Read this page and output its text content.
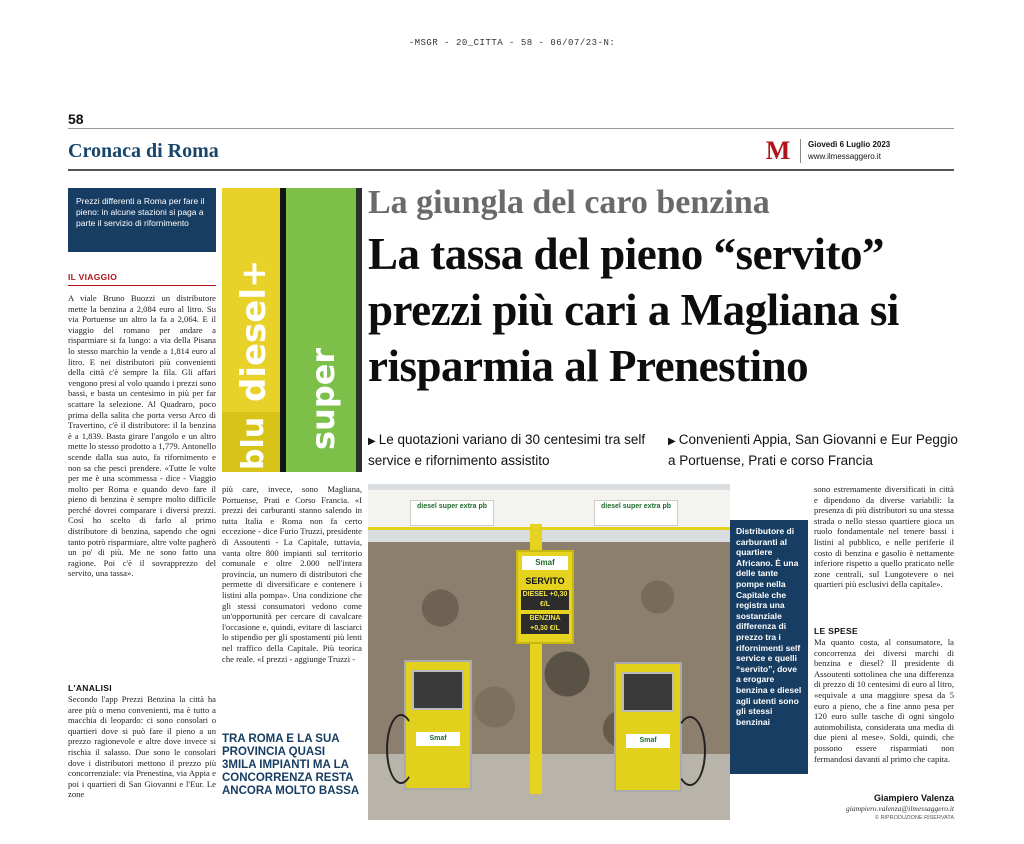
-MSGR - 20_CITTA - 58 - 06/07/23-N:
58
Cronaca di Roma	M Giovedì 6 Luglio 2023
www.ilmessaggero.it
Prezzi differenti a Roma per fare il pieno: in alcune stazioni si paga a parte il servizio di rifornimento
IL VIAGGIO
A viale Bruno Buozzi un distributore mette la benzina a 2,084 euro al litro. Su via Portuense un altro la fa a 2,064. E il viaggio del romano per andare a risparmiare si fa lungo: a via della Pisana lo stesso marchio la vende a 1,814 euro al litro. E nei distributori più convenienti della città c'è sempre la fila. Gli affari vengono presi al volo quando i prezzi sono bassi, e basta un centesimo in più per far scattare la selezione. Al Quadraro, poco prima della salita che porta verso Arco di Travertino, c'è il distributore: il la benzina è a 1,839. Basta girare l'angolo e un altro mette lo stesso prodotto a 1,779. Antonello scende dalla sua auto, fa rifornimento e non sa che pesci prendere. «Tutte le volte per me è una scommessa - dice - Viaggio molto per Roma e quando devo fare il pieno di benzina è sempre molto difficile perché dovrei comparare i diversi prezzi. Così ho scelto di farlo al primo distributore di benzina, sapendo che ogni tanto potrò risparmiare, altre volte pagherò un po' di più. Me ne sono fatto una ragione. Poi c'è il sovrapprezzo del servito, una tassa».
L'ANALISI
Secondo l'app Prezzi Benzina la città ha aree più o meno convenienti, ma è tutto a macchia di leopardo: ci sono consolari o quartieri dove si può fare il pieno a un prezzo ragionevole e altre dove invece si rischia il salasso. Due sono le consolari dove i distributori mettono il prezzo più concorrenziale: via Prenestina, via Appia e poi i quartieri di San Giovanni e l'Eur. Le zone
diesel+
blu super
La giungla del caro benzina
La tassa del pieno “servito” prezzi più cari a Magliana si risparmia al Prenestino
▶ Le quotazioni variano di 30 centesimi tra self service e rifornimento assistito
▶ Convenienti Appia, San Giovanni e Eur Peggio a Portuense, Prati e corso Francia
più care, invece, sono Magliana, Portuense, Prati e Corso Francia. «I prezzi dei carburanti stanno salendo in tutta Italia e Roma non fa certo eccezione - dice Furio Truzzi, presidente di Assoutenti - La Capitale, tuttavia, vanta oltre 800 impianti sul territorio comunale e oltre 2.000 nell'intera provincia, un numero di distributori che permette di diversificare e contenere i listini alla pompa». Una condizione che gli stessi consumatori vedono come un'opportunità per cercare di cavalcare l'occasione e, quindi, evitare di lasciarci lo stipendio per gli spostamenti più lenti nel traffico della Capitale. Più teorica che reale. «I prezzi - aggiunge Truzzi -
TRA ROMA E LA SUA PROVINCIA QUASI 3MILA IMPIANTI MA LA CONCORRENZA RESTA ANCORA MOLTO BASSA
diesel super extra pb	diesel super extra pb
Smaf
SERVITO
DIESEL +0,30 €/L
BENZINA +0,30 €/L
Smaf	Smaf
Distributore di carburanti al quartiere Africano. È una delle tante pompe nella Capitale che registra una sostanziale differenza di prezzo tra i rifornimenti self service e quelli “servito”, dove a erogare benzina e diesel agli utenti sono gli stessi benzinai
sono estremamente diversificati in città e dipendono da diverse variabili: la presenza di più distributori su una stessa strada o nello stesso quartiere gioca un ruolo fondamentale nel tenere bassi i listini al pubblico, e nelle periferie il costo di benzina e gasolio è nettamente inferiore rispetto a quello praticato nelle zone centrali, sul Lungotevere o nei quartieri più esclusivi della capitale».
LE SPESE
Ma quanto costa, al consumatore, la concorrenza dei diversi marchi di benzina e diesel? Il presidente di Assoutenti sottolinea che una differenza di prezzo di 10 centesimi di euro al litro, «equivale a una maggiore spesa da 5 euro a pieno, che a fine anno pesa per 120 euro sulle tasche di ogni singolo automobilista, considerata una media di due pieni al mese». Soldi, quindi, che possono essere risparmiati non fermandosi davanti al primo che capita.
Giampiero Valenza
giampiero.valenza@ilmessaggero.it
© RIPRODUZIONE RISERVATA
